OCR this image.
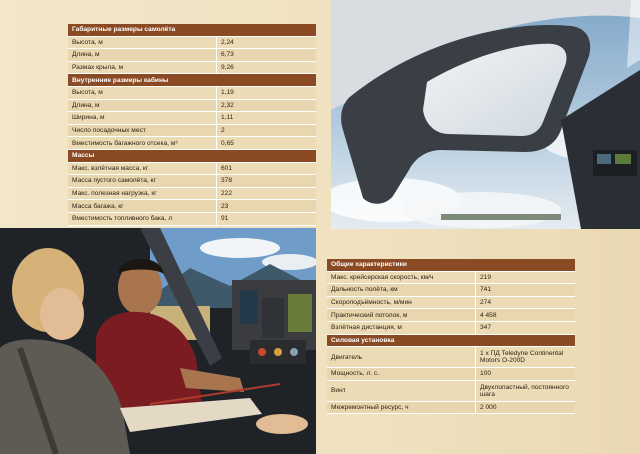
Габаритные размеры самолёта	
Высота, м	2,24
Длина, м	6,73
Размах крыла, м	9,26
Внутренние размеры кабины	
Высота, м	1,19
Длина, м	2,32
Ширина, м	1,11
Число посадочных мест	2
Вместимость багажного отсека, м³	0,65
Массы	
Макс. взлётная масса, кг	601
Масса пустого самолёта, кг	378
Макс. полезная нагрузка, кг	222
Масса багажа, кг	23
Вместимость топливного бака, л	91
Общие характеристики	
Макс. крейсерская скорость, км/ч	219
Дальность полёта, км	741
Скороподъёмность, м/мин	274
Практический потолок, м	4 458
Взлётная дистанция, м	347
Силовая установка	
Двигатель	1 x ПД Teledyne Continental Motors O-200D
Мощность, л. с.	100
Винт	Двухлопастный, постоянного шага
Межремонтный ресурс, ч	2 000
